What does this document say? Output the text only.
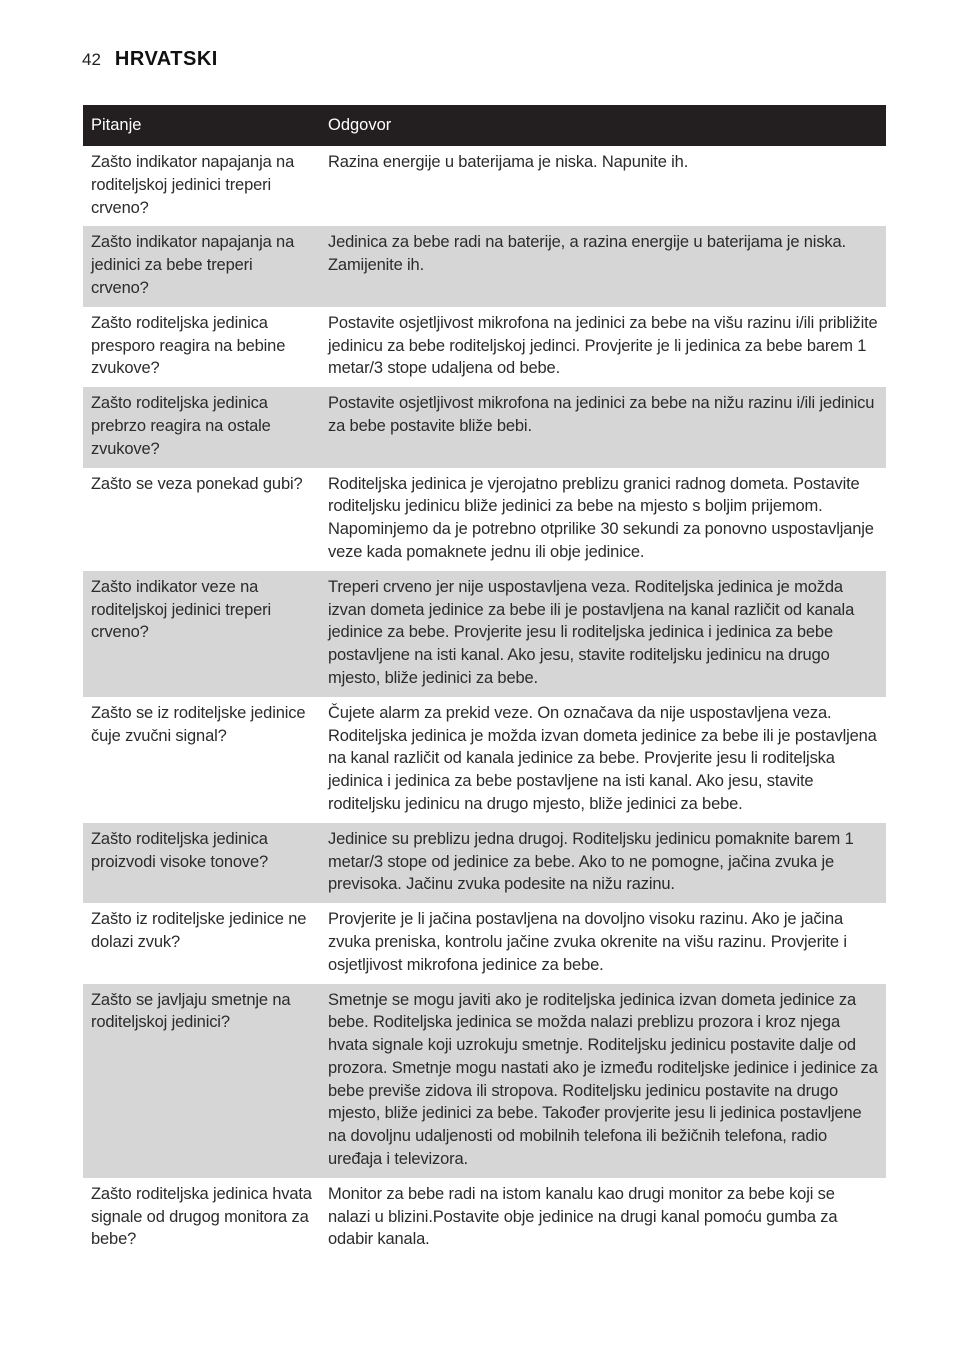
42 HRVATSKI
Pitanje	Odgovor
Zašto indikator napajanja na roditeljskoj jedinici treperi crveno?	Razina energije u baterijama je niska. Napunite ih.
Zašto indikator napajanja na jedinici za bebe treperi crveno?	Jedinica za bebe radi na baterije, a razina energije u baterijama je niska. Zamijenite ih.
Zašto roditeljska jedinica presporo reagira na bebine zvukove?	Postavite osjetljivost mikrofona na jedinici za bebe na višu razinu i/ili približite jedinicu za bebe roditeljskoj jedinci. Provjerite je li jedinica za bebe barem 1 metar/3 stope udaljena od bebe.
Zašto roditeljska jedinica prebrzo reagira na ostale zvukove?	Postavite osjetljivost mikrofona na jedinici za bebe na nižu razinu i/ili jedinicu za bebe postavite bliže bebi.
Zašto se veza ponekad gubi?	Roditeljska jedinica je vjerojatno preblizu granici radnog dometa. Postavite roditeljsku jedinicu bliže jedinici za bebe na mjesto s boljim prijemom. Napominjemo da je potrebno otprilike 30 sekundi za ponovno uspostavljanje veze kada pomaknete jednu ili obje jedinice.
Zašto indikator veze na roditeljskoj jedinici treperi crveno?	Treperi crveno jer nije uspostavljena veza. Roditeljska jedinica je možda izvan dometa jedinice za bebe ili je postavljena na kanal različit od kanala jedinice za bebe. Provjerite jesu li roditeljska jedinica i jedinica za bebe postavljene na isti kanal. Ako jesu, stavite roditeljsku jedinicu na drugo mjesto, bliže jedinici za bebe.
Zašto se iz roditeljske jedinice čuje zvučni signal?	Čujete alarm za prekid veze. On označava da nije uspostavljena veza. Roditeljska jedinica je možda izvan dometa jedinice za bebe ili je postavljena na kanal različit od kanala jedinice za bebe. Provjerite jesu li roditeljska jedinica i jedinica za bebe postavljene na isti kanal. Ako jesu, stavite roditeljsku jedinicu na drugo mjesto, bliže jedinici za bebe.
Zašto roditeljska jedinica proizvodi visoke tonove?	Jedinice su preblizu jedna drugoj. Roditeljsku jedinicu pomaknite barem 1 metar/3 stope od jedinice za bebe. Ako to ne pomogne, jačina zvuka je previsoka. Jačinu zvuka podesite na nižu razinu.
Zašto iz roditeljske jedinice ne dolazi zvuk?	Provjerite je li jačina postavljena na dovoljno visoku razinu. Ako je jačina zvuka preniska, kontrolu jačine zvuka okrenite na višu razinu. Provjerite i osjetljivost mikrofona jedinice za bebe.
Zašto se javljaju smetnje na roditeljskoj jedinici?	Smetnje se mogu javiti ako je roditeljska jedinica izvan dometa jedinice za bebe. Roditeljska jedinica se možda nalazi preblizu prozora i kroz njega hvata signale koji uzrokuju smetnje. Roditeljsku jedinicu postavite dalje od prozora. Smetnje mogu nastati ako je između roditeljske jedinice i jedinice za bebe previše zidova ili stropova. Roditeljsku jedinicu postavite na drugo mjesto, bliže jedinici za bebe. Također provjerite jesu li jedinica postavljene na dovoljnu udaljenosti od mobilnih telefona ili bežičnih telefona, radio uređaja i televizora.
Zašto roditeljska jedinica hvata signale od drugog monitora za bebe?	Monitor za bebe radi na istom kanalu kao drugi monitor za bebe koji se nalazi u blizini.Postavite obje jedinice na drugi kanal pomoću gumba za odabir kanala.
